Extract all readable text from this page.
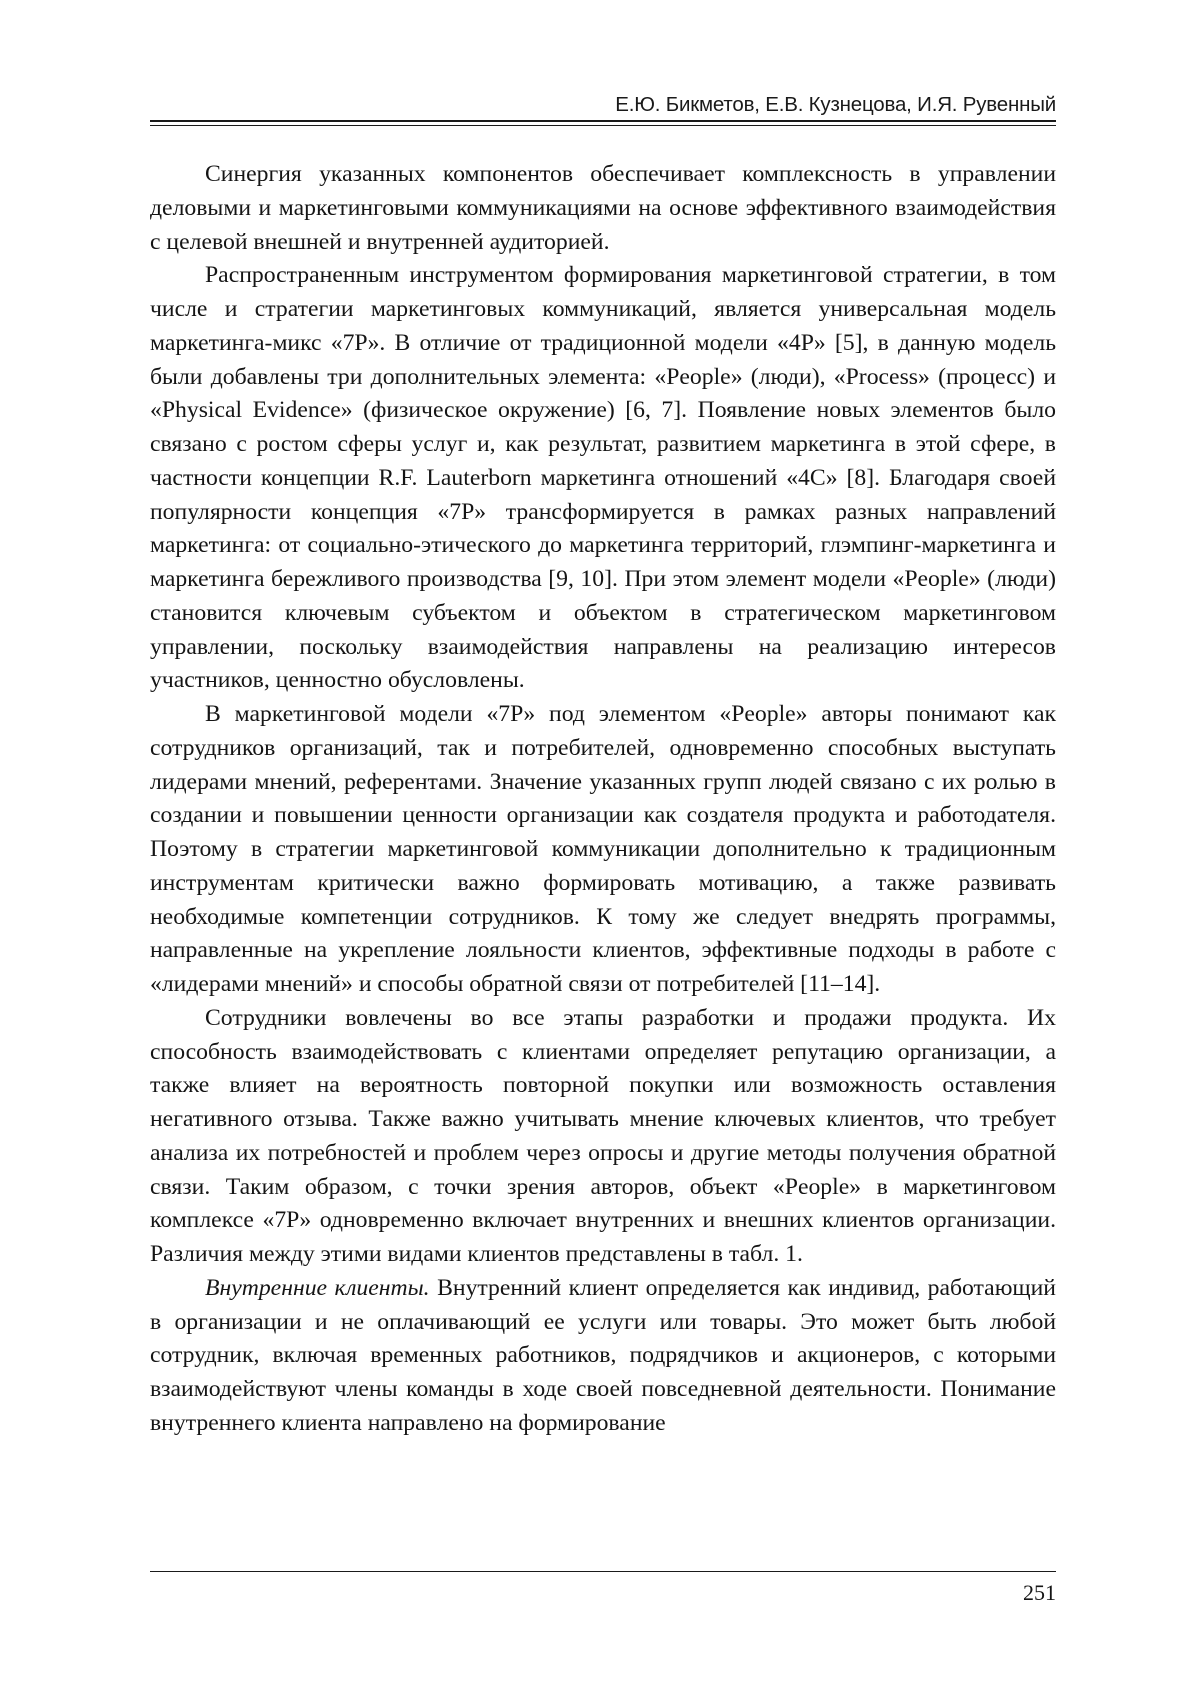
Е.Ю. Бикметов, Е.В. Кузнецова, И.Я. Рувенный

Синергия указанных компонентов обеспечивает комплексность в управлении деловыми и маркетинговыми коммуникациями на основе эффективного взаимодействия с целевой внешней и внутренней аудиторией.

Распространенным инструментом формирования маркетинговой стратегии, в том числе и стратегии маркетинговых коммуникаций, является универсальная модель маркетинга-микс «7P». В отличие от традиционной модели «4P» [5], в данную модель были добавлены три дополнительных элемента: «People» (люди), «Process» (процесс) и «Physical Evidence» (физическое окружение) [6, 7]. Появление новых элементов было связано с ростом сферы услуг и, как результат, развитием маркетинга в этой сфере, в частности концепции R.F. Lauterborn маркетинга отношений «4C» [8]. Благодаря своей популярности концепция «7P» трансформируется в рамках разных направлений маркетинга: от социально-этического до маркетинга территорий, глэмпинг-маркетинга и маркетинга бережливого производства [9, 10]. При этом элемент модели «People» (люди) становится ключевым субъектом и объектом в стратегическом маркетинговом управлении, поскольку взаимодействия направлены на реализацию интересов участников, ценностно обусловлены.

В маркетинговой модели «7P» под элементом «People» авторы понимают как сотрудников организаций, так и потребителей, одновременно способных выступать лидерами мнений, референтами. Значение указанных групп людей связано с их ролью в создании и повышении ценности организации как создателя продукта и работодателя. Поэтому в стратегии маркетинговой коммуникации дополнительно к традиционным инструментам критически важно формировать мотивацию, а также развивать необходимые компетенции сотрудников. К тому же следует внедрять программы, направленные на укрепление лояльности клиентов, эффективные подходы в работе с «лидерами мнений» и способы обратной связи от потребителей [11–14].

Сотрудники вовлечены во все этапы разработки и продажи продукта. Их способность взаимодействовать с клиентами определяет репутацию организации, а также влияет на вероятность повторной покупки или возможность оставления негативного отзыва. Также важно учитывать мнение ключевых клиентов, что требует анализа их потребностей и проблем через опросы и другие методы получения обратной связи. Таким образом, с точки зрения авторов, объект «People» в маркетинговом комплексе «7P» одновременно включает внутренних и внешних клиентов организации. Различия между этими видами клиентов представлены в табл. 1.

Внутренние клиенты. Внутренний клиент определяется как индивид, работающий в организации и не оплачивающий ее услуги или товары. Это может быть любой сотрудник, включая временных работников, подрядчиков и акционеров, с которыми взаимодействуют члены команды в ходе своей повседневной деятельности. Понимание внутреннего клиента направлено на формирование

251
